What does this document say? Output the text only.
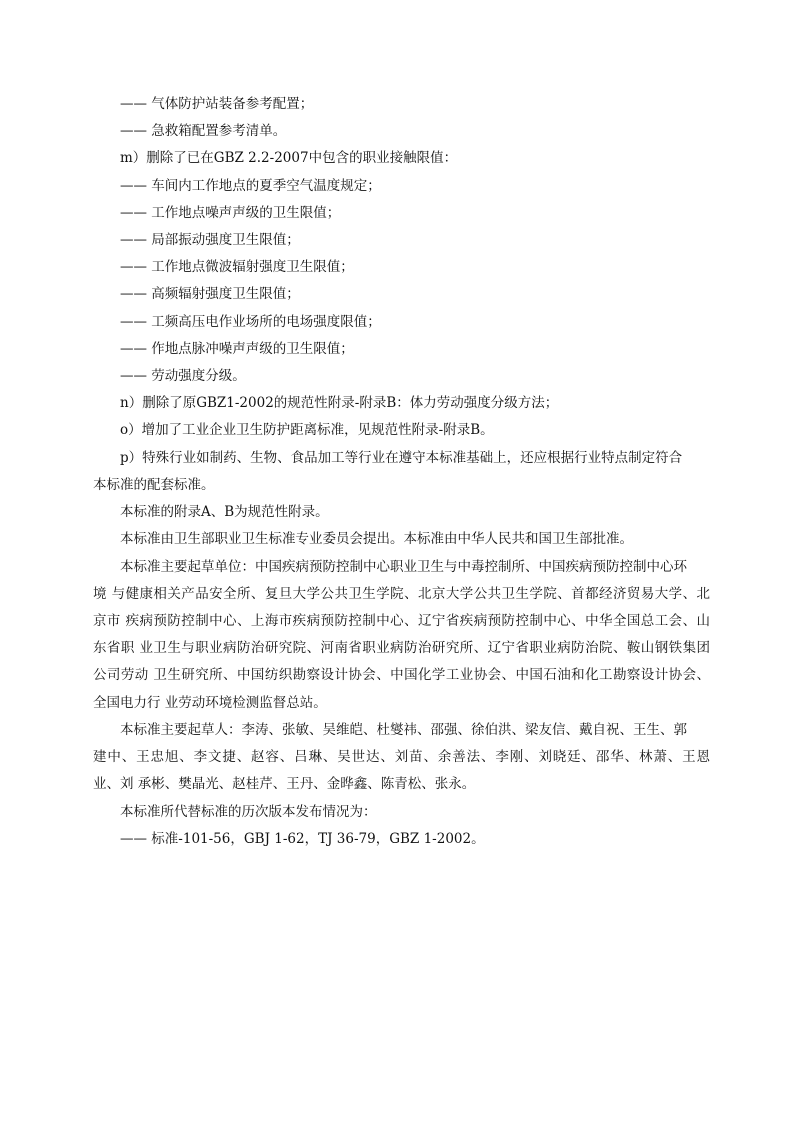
—— 气体防护站装备参考配置；
—— 急救箱配置参考清单。
m）删除了已在GBZ 2.2-2007中包含的职业接触限值：
—— 车间内工作地点的夏季空气温度规定；
—— 工作地点噪声声级的卫生限值；
—— 局部振动强度卫生限值；
—— 工作地点微波辐射强度卫生限值；
—— 高频辐射强度卫生限值；
—— 工频高压电作业场所的电场强度限值；
—— 作地点脉冲噪声声级的卫生限值；
—— 劳动强度分级。
n）删除了原GBZ1-2002的规范性附录-附录B：体力劳动强度分级方法；
o）增加了工业企业卫生防护距离标准，见规范性附录-附录B。
p）特殊行业如制药、生物、食品加工等行业在遵守本标准基础上，还应根据行业特点制定符合
本标准的配套标准。
本标准的附录A、B为规范性附录。
本标准由卫生部职业卫生标准专业委员会提出。本标准由中华人民共和国卫生部批准。
本标准主要起草单位：中国疾病预防控制中心职业卫生与中毒控制所、中国疾病预防控制中心环
境 与健康相关产品安全所、复旦大学公共卫生学院、北京大学公共卫生学院、首都经济贸易大学、北
京市 疾病预防控制中心、上海市疾病预防控制中心、辽宁省疾病预防控制中心、中华全国总工会、山
东省职 业卫生与职业病防治研究院、河南省职业病防治研究所、辽宁省职业病防治院、鞍山钢铁集团
公司劳动 卫生研究所、中国纺织勘察设计协会、中国化学工业协会、中国石油和化工勘察设计协会、
全国电力行 业劳动环境检测监督总站。
本标准主要起草人：李涛、张敏、吴维皑、杜燮祎、邵强、徐伯洪、梁友信、戴自祝、王生、郭
建中、王忠旭、李文捷、赵容、吕琳、吴世达、刘苗、余善法、李刚、刘晓廷、邵华、林萧、王恩
业、刘 承彬、樊晶光、赵桂芹、王丹、金晔鑫、陈青松、张永。
本标准所代替标准的历次版本发布情况为：
—— 标准-101-56，GBJ 1-62，TJ 36-79，GBZ 1-2002。
